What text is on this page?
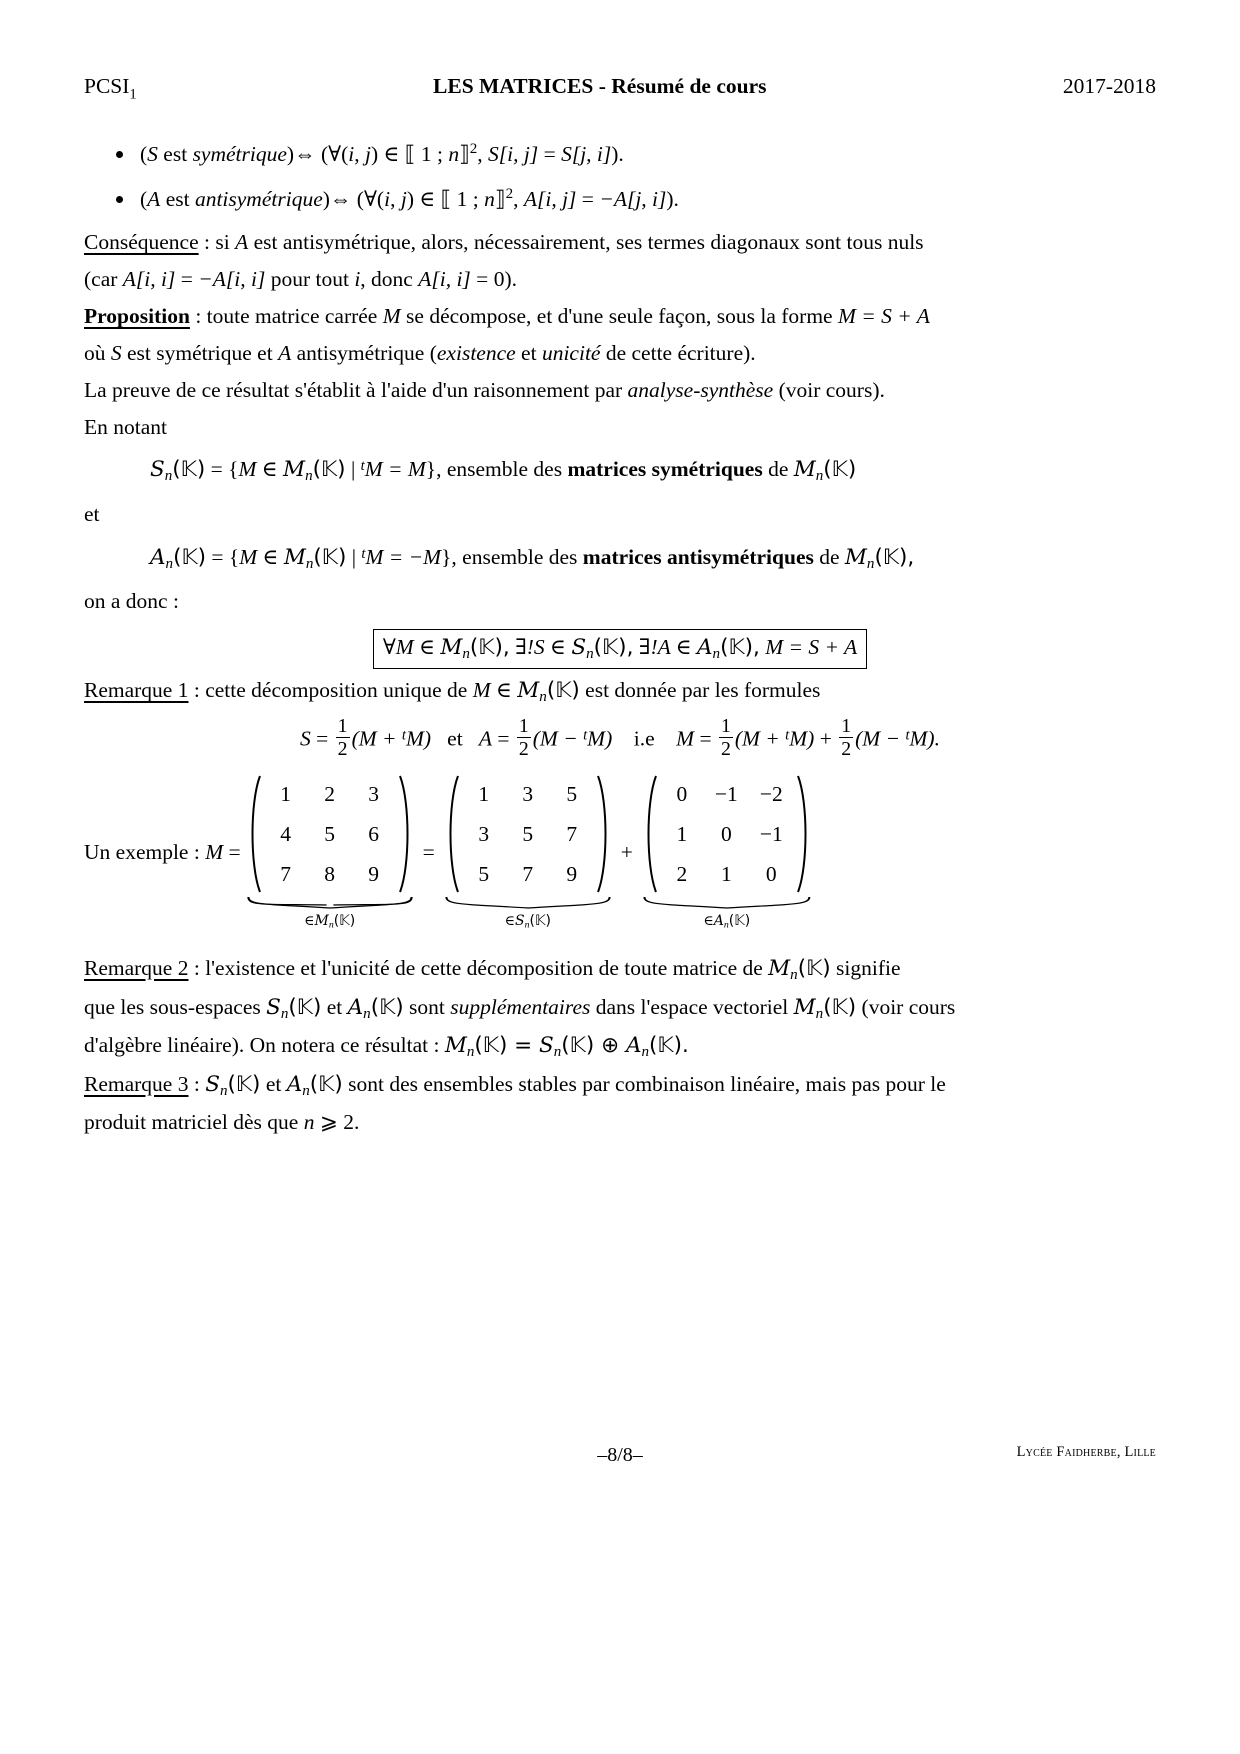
$PCSI_1$	LES MATRICES - Résumé de cours	2017-2018
(S est symétrique)⇔ (∀(i, j) ∈ ⟦ 1 ; n⟧$^2$, S[i, j] = S[j, i]).
(A est antisymétrique)⇔ (∀(i, j) ∈ ⟦ 1 ; n⟧$^2$, A[i, j] = −A[j, i]).

Conséquence : si A est antisymétrique, alors, nécessairement, ses termes diagonaux sont tous nuls

(car A[i, i] = −A[i, i] pour tout i, donc A[i, i] = 0).

Proposition : toute matrice carrée M se décompose, et d'une seule façon, sous la forme M = S + A

où S est symétrique et A antisymétrique (existence et unicité de cette écriture).

La preuve de ce résultat s'établit à l'aide d'un raisonnement par analyse-synthèse (voir cours).

En notant

$S_n(𝕂) = \{M$ ∈ $M_n(𝕂)$ | $^t$M = M}, ensemble des matrices symétriques de $M_n(𝕂)$

et

$A_n(𝕂) = \{M$ ∈ $M_n(𝕂)$ | $^t$M = −M}, ensemble des matrices antisymétriques de $M_n(𝕂)$,

on a donc :

∀M ∈ $M_n(𝕂)$, ∃!S ∈ $S_n(𝕂)$, ∃!A ∈ $A_n(𝕂)$, M = S + A

Remarque 1 : cette décomposition unique de M ∈ $M_n(𝕂)$ est donnée par les formules

$S = \frac{1}{2} (M + ^tM)$ et $A = \frac{1}{2} (M - ^tM)$ i.e $M = \frac{1}{2} (M + ^tM) + \frac{1}{2} (M - ^tM)$.
Un exemple : M =
1	2	3
4	5	6
7	8	9
$\in M_n(𝕂)$
=
1	3	5
3	5	7
5	7	9
$\in S_n(𝕂)$
+
0	−1	−2
1	0	−1
2	1	0
$\in A_n(𝕂)$

Remarque 2 : l'existence et l'unicité de cette décomposition de toute matrice de $M_n(𝕂)$ signifie

que les sous-espaces $S_n(𝕂)$ et $A_n(𝕂)$ sont supplémentaires dans l'espace vectoriel $M_n(𝕂)$ (voir cours

d'algèbre linéaire). On notera ce résultat : $M_n(𝕂)$ = $S_n(𝕂)$ ⊕ $A_n(𝕂)$.

Remarque 3 : $S_n(𝕂)$ et $A_n(𝕂)$ sont des ensembles stables par combinaison linéaire, mais pas pour le

produit matriciel dès que n ⩾ 2.

–8/8–	Lycée Faidherbe, Lille
